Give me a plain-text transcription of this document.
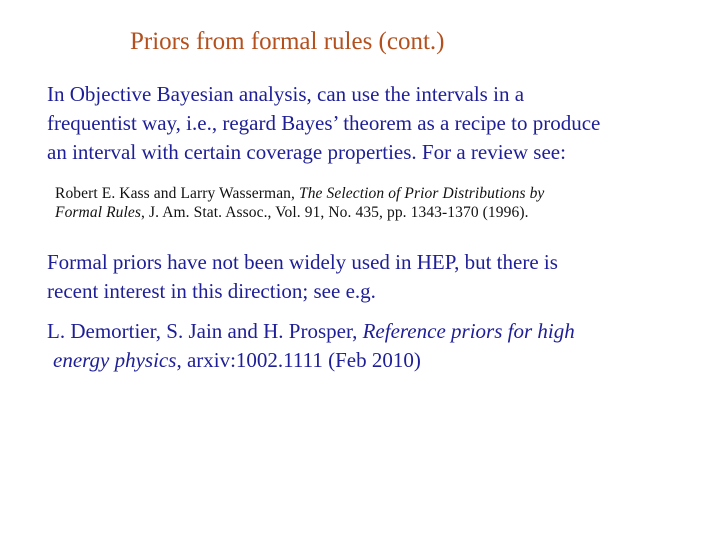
Priors from formal rules (cont.)
In Objective Bayesian analysis, can use the intervals in a
frequentist way, i.e., regard Bayes’ theorem as a recipe to produce
an interval with certain coverage properties. For a review see:
Robert E. Kass and Larry Wasserman, The Selection of Prior Distributions by
Formal Rules, J. Am. Stat. Assoc., Vol. 91, No. 435, pp. 1343-1370 (1996).
Formal priors have not been widely used in HEP, but there is
recent interest in this direction; see e.g.
L. Demortier, S. Jain and H. Prosper, Reference priors for high
energy physics, arxiv:1002.1111 (Feb 2010)
